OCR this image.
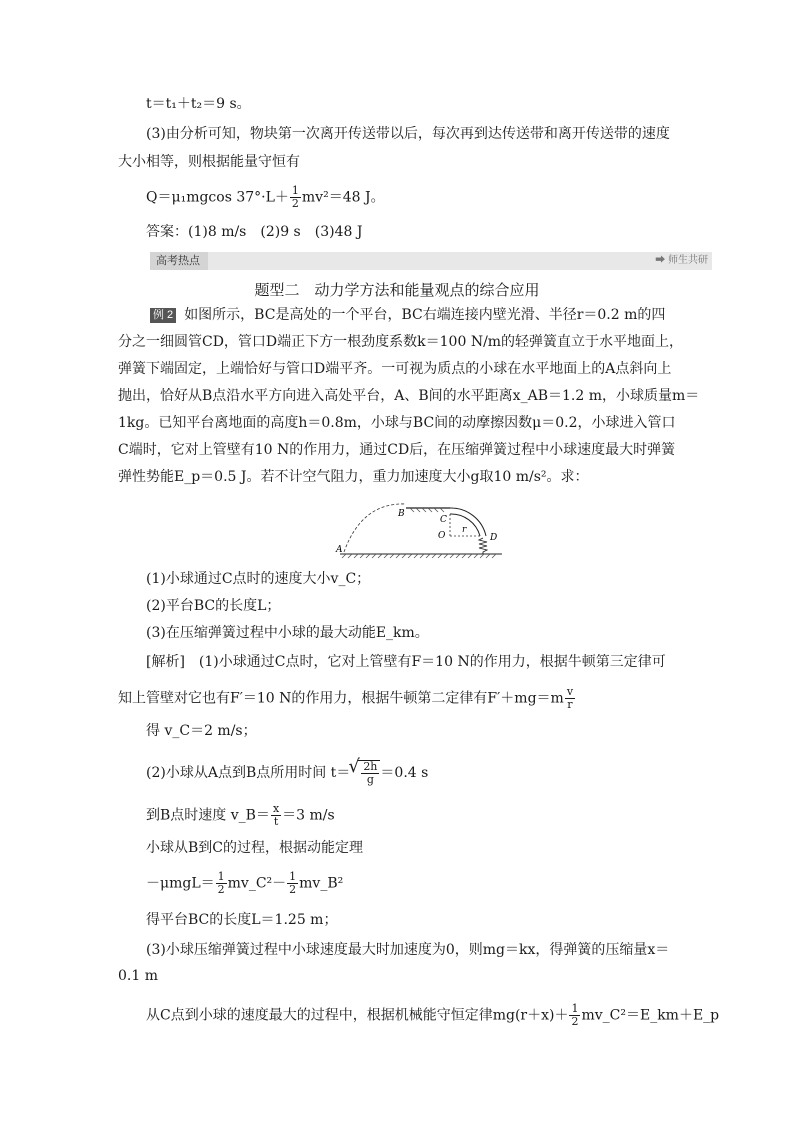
t＝t₁＋t₂＝9 s。
(3)由分析可知，物块第一次离开传送带以后，每次再到达传送带和离开传送带的速度
大小相等，则根据能量守恒有
Q＝μ₁mgcos $37^\circ\cdot L+ \frac{1}{2} mv^2=48$ J。
答案：(1)8 m/s　(2)9 s　(3)48 J
高考热点	➡ 师生共研
题型二　动力学方法和能量观点的综合应用
例 2 如图所示，BC是高处的一个平台，BC右端连接内壁光滑、半径r＝0.2 m的四
分之一细圆管CD，管口D端正下方一根劲度系数k＝100 N/m的轻弹簧直立于水平地面上，
弹簧下端固定，上端恰好与管口D端平齐。一可视为质点的小球在水平地面上的A点斜向上
抛出，恰好从B点沿水平方向进入高处平台，A、B间的水平距离x_AB＝1.2 m，小球质量m＝
1kg。已知平台离地面的高度h＝0.8m，小球与BC间的动摩擦因数μ＝0.2，小球进入管口
C端时，它对上管壁有10 N的作用力，通过CD后，在压缩弹簧过程中小球速度最大时弹簧
弹性势能E_p＝0.5 J。若不计空气阻力，重力加速度大小g取10 m/s²。求：
A
B
C
O
r
D
(1)小球通过C点时的速度大小v_C；
(2)平台BC的长度L；
(3)在压缩弹簧过程中小球的最大动能E_km。
[解析]　(1)小球通过C点时，它对上管壁有F＝10 N的作用力，根据牛顿第三定律可
知上管壁对它也有F′＝10 N的作用力，根据牛顿第二定律有$F'+mg=m \frac{v}{r}$
得 v_C＝2 m/s；
(2)小球从A点到B点所用时间 t＝
√ $\frac{2h}{g} =0.4$ s
到B点时速度 v_B＝ $\frac{x}{t} =3$ m/s
小球从B到C的过程，根据动能定理
$-\mu mgL= \frac{1}{2}$ mv_C²－ $\frac{1}{2}$ mv_B²
得平台BC的长度L＝1.25 m；
(3)小球压缩弹簧过程中小球速度最大时加速度为0，则mg＝kx，得弹簧的压缩量x＝
0.1 m
从C点到小球的速度最大的过程中，根据机械能守恒定律$mg(r+x)+ \frac{1}{2}$ mv_C²＝E_km＋E_p
